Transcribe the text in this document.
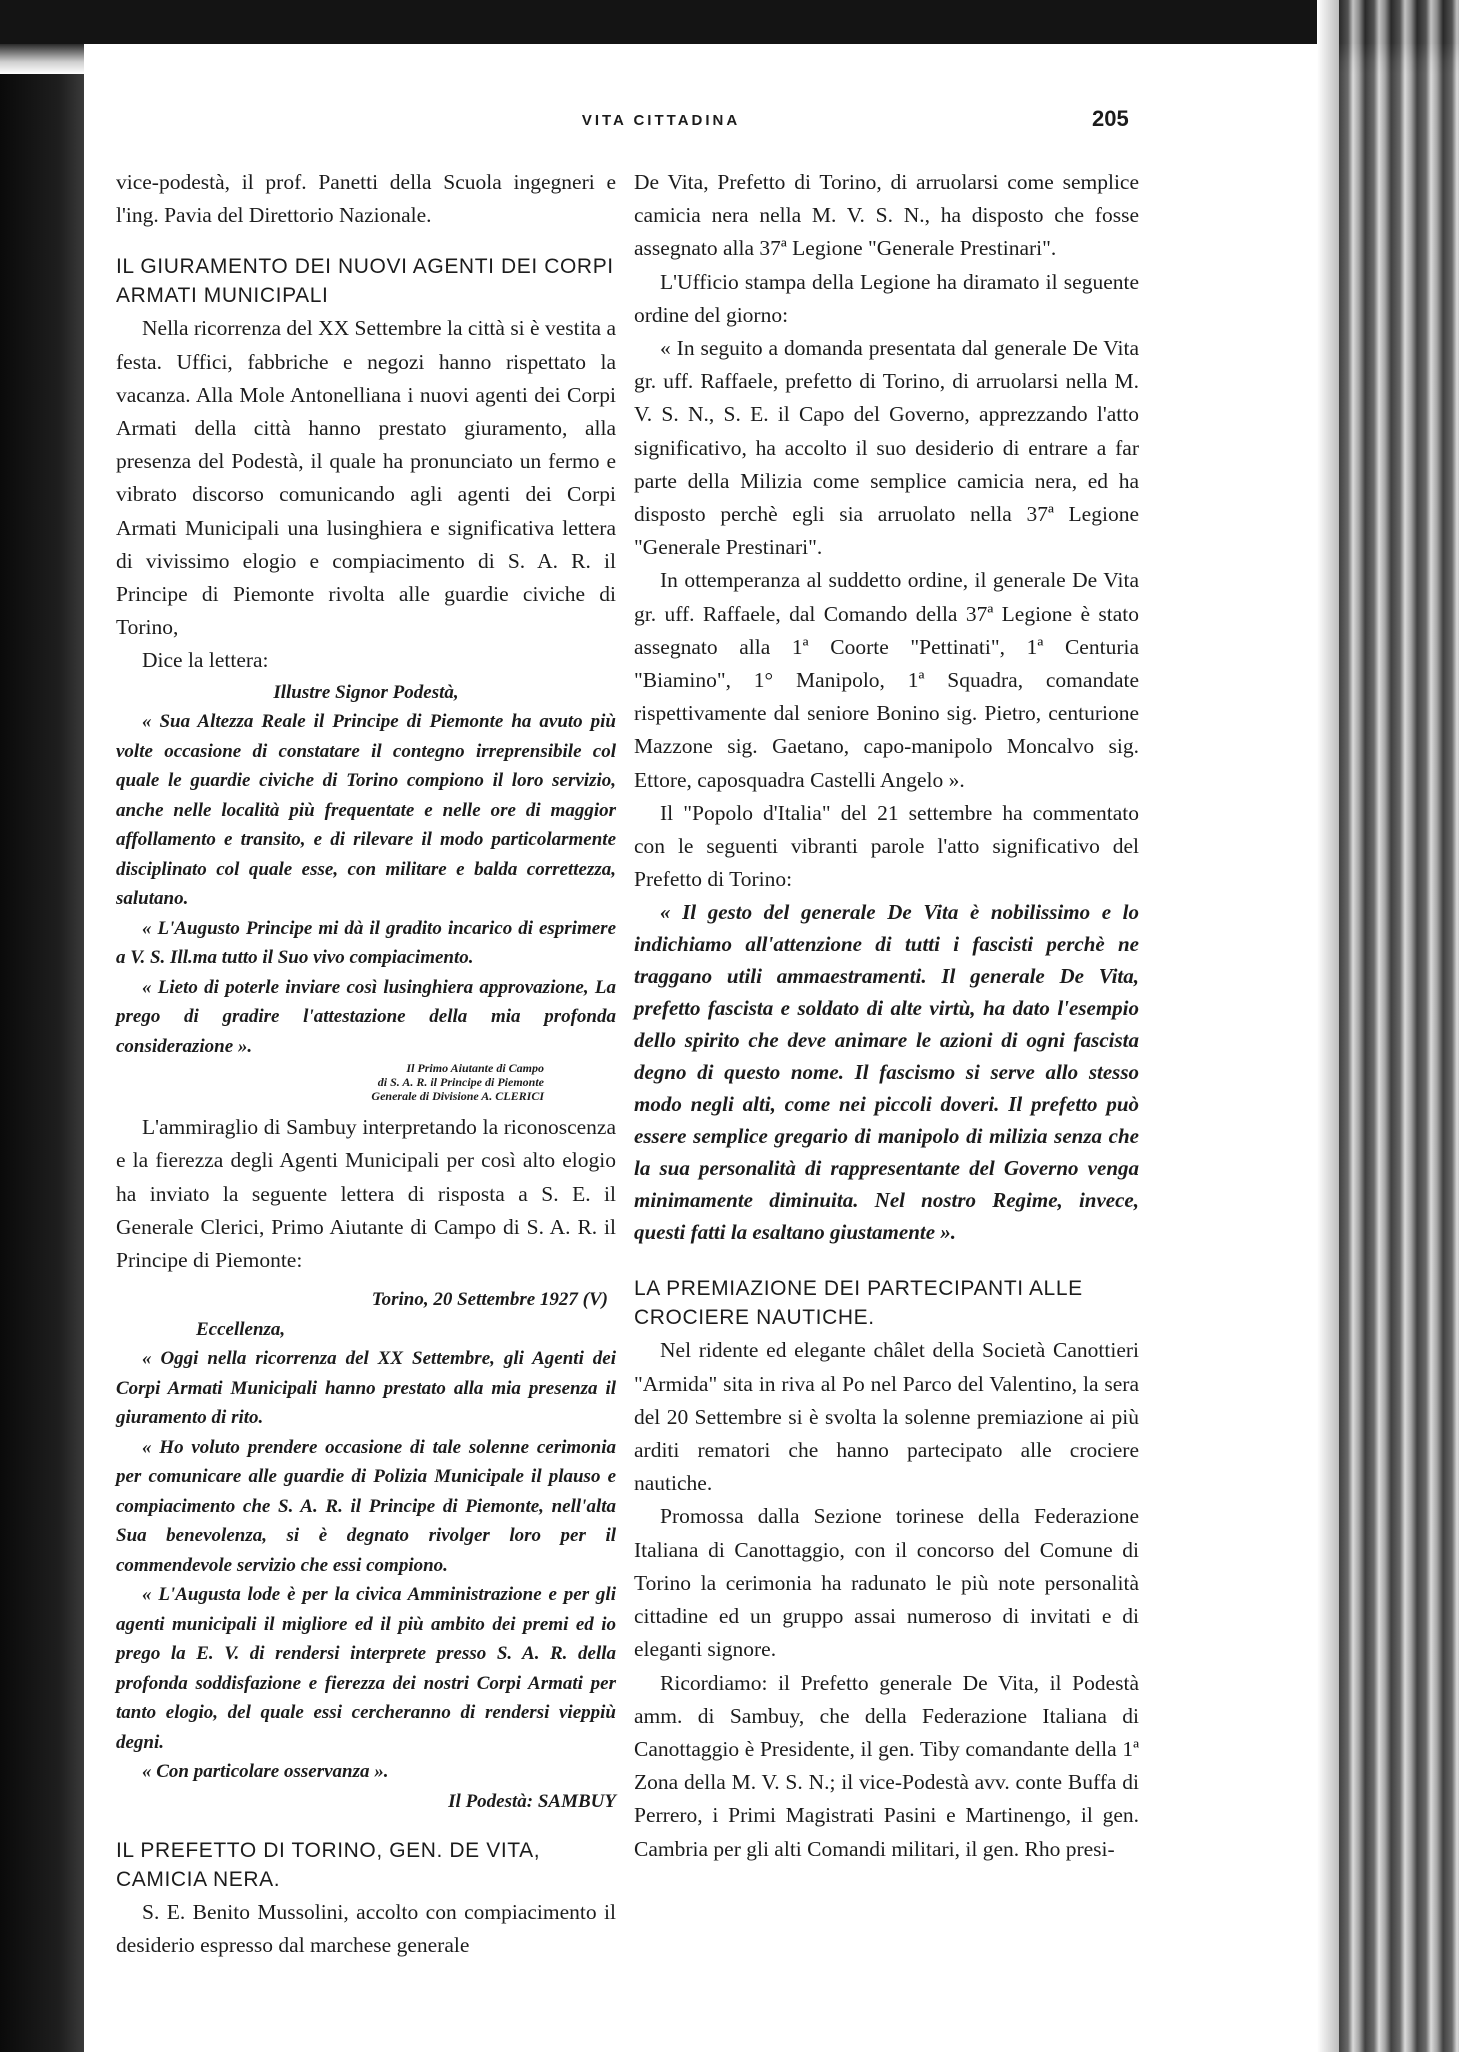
VITA CITTADINA	205

vice-podestà, il prof. Panetti della Scuola ingegneri e l'ing. Pavia del Direttorio Nazionale.

IL GIURAMENTO DEI NUOVI AGENTI DEI CORPI ARMATI MUNICIPALI

Nella ricorrenza del XX Settembre la città si è vestita a festa. Uffici, fabbriche e negozi hanno rispettato la vacanza. Alla Mole Antonelliana i nuovi agenti dei Corpi Armati della città hanno prestato giuramento, alla presenza del Podestà, il quale ha pronunciato un fermo e vibrato discorso comunicando agli agenti dei Corpi Armati Municipali una lusinghiera e significativa lettera di vivissimo elogio e compiacimento di S. A. R. il Principe di Piemonte rivolta alle guardie civiche di Torino,

Dice la lettera:

Illustre Signor Podestà,

« Sua Altezza Reale il Principe di Piemonte ha avuto più volte occasione di constatare il contegno irreprensibile col quale le guardie civiche di Torino compiono il loro servizio, anche nelle località più frequentate e nelle ore di maggior affollamento e transito, e di rilevare il modo particolarmente disciplinato col quale esse, con militare e balda correttezza, salutano.

« L'Augusto Principe mi dà il gradito incarico di esprimere a V. S. Ill.ma tutto il Suo vivo compiacimento.

« Lieto di poterle inviare così lusinghiera approvazione, La prego di gradire l'attestazione della mia profonda considerazione ».

Il Primo Aiutante di Campo

di S. A. R. il Principe di Piemonte

Generale di Divisione A. CLERICI

L'ammiraglio di Sambuy interpretando la riconoscenza e la fierezza degli Agenti Municipali per così alto elogio ha inviato la seguente lettera di risposta a S. E. il Generale Clerici, Primo Aiutante di Campo di S. A. R. il Principe di Piemonte:

Torino, 20 Settembre 1927 (V)

Eccellenza,

« Oggi nella ricorrenza del XX Settembre, gli Agenti dei Corpi Armati Municipali hanno prestato alla mia presenza il giuramento di rito.

« Ho voluto prendere occasione di tale solenne cerimonia per comunicare alle guardie di Polizia Municipale il plauso e compiacimento che S. A. R. il Principe di Piemonte, nell'alta Sua benevolenza, si è degnato rivolger loro per il commendevole servizio che essi compiono.

« L'Augusta lode è per la civica Amministrazione e per gli agenti municipali il migliore ed il più ambito dei premi ed io prego la E. V. di rendersi interprete presso S. A. R. della profonda soddisfazione e fierezza dei nostri Corpi Armati per tanto elogio, del quale essi cercheranno di rendersi vieppiù degni.

« Con particolare osservanza ».

Il Podestà: SAMBUY

IL PREFETTO DI TORINO, GEN. DE VITA, CAMICIA NERA.

S. E. Benito Mussolini, accolto con compiacimento il desiderio espresso dal marchese generale

De Vita, Prefetto di Torino, di arruolarsi come semplice camicia nera nella M. V. S. N., ha disposto che fosse assegnato alla 37ª Legione "Generale Prestinari".

L'Ufficio stampa della Legione ha diramato il seguente ordine del giorno:

« In seguito a domanda presentata dal generale De Vita gr. uff. Raffaele, prefetto di Torino, di arruolarsi nella M. V. S. N., S. E. il Capo del Governo, apprezzando l'atto significativo, ha accolto il suo desiderio di entrare a far parte della Milizia come semplice camicia nera, ed ha disposto perchè egli sia arruolato nella 37ª Legione "Generale Prestinari".

In ottemperanza al suddetto ordine, il generale De Vita gr. uff. Raffaele, dal Comando della 37ª Legione è stato assegnato alla 1ª Coorte "Pettinati", 1ª Centuria "Biamino", 1° Manipolo, 1ª Squadra, comandate rispettivamente dal seniore Bonino sig. Pietro, centurione Mazzone sig. Gaetano, capo-manipolo Moncalvo sig. Ettore, caposquadra Castelli Angelo ».

Il "Popolo d'Italia" del 21 settembre ha commentato con le seguenti vibranti parole l'atto significativo del Prefetto di Torino:

« Il gesto del generale De Vita è nobilissimo e lo indichiamo all'attenzione di tutti i fascisti perchè ne traggano utili ammaestramenti. Il generale De Vita, prefetto fascista e soldato di alte virtù, ha dato l'esempio dello spirito che deve animare le azioni di ogni fascista degno di questo nome. Il fascismo si serve allo stesso modo negli alti, come nei piccoli doveri. Il prefetto può essere semplice gregario di manipolo di milizia senza che la sua personalità di rappresentante del Governo venga minimamente diminuita. Nel nostro Regime, invece, questi fatti la esaltano giustamente ».

LA PREMIAZIONE DEI PARTECIPANTI ALLE CROCIERE NAUTICHE.

Nel ridente ed elegante châlet della Società Canottieri "Armida" sita in riva al Po nel Parco del Valentino, la sera del 20 Settembre si è svolta la solenne premiazione ai più arditi rematori che hanno partecipato alle crociere nautiche.

Promossa dalla Sezione torinese della Federazione Italiana di Canottaggio, con il concorso del Comune di Torino la cerimonia ha radunato le più note personalità cittadine ed un gruppo assai numeroso di invitati e di eleganti signore.

Ricordiamo: il Prefetto generale De Vita, il Podestà amm. di Sambuy, che della Federazione Italiana di Canottaggio è Presidente, il gen. Tiby comandante della 1ª Zona della M. V. S. N.; il vice-Podestà avv. conte Buffa di Perrero, i Primi Magistrati Pasini e Martinengo, il gen. Cambria per gli alti Comandi militari, il gen. Rho presi-
